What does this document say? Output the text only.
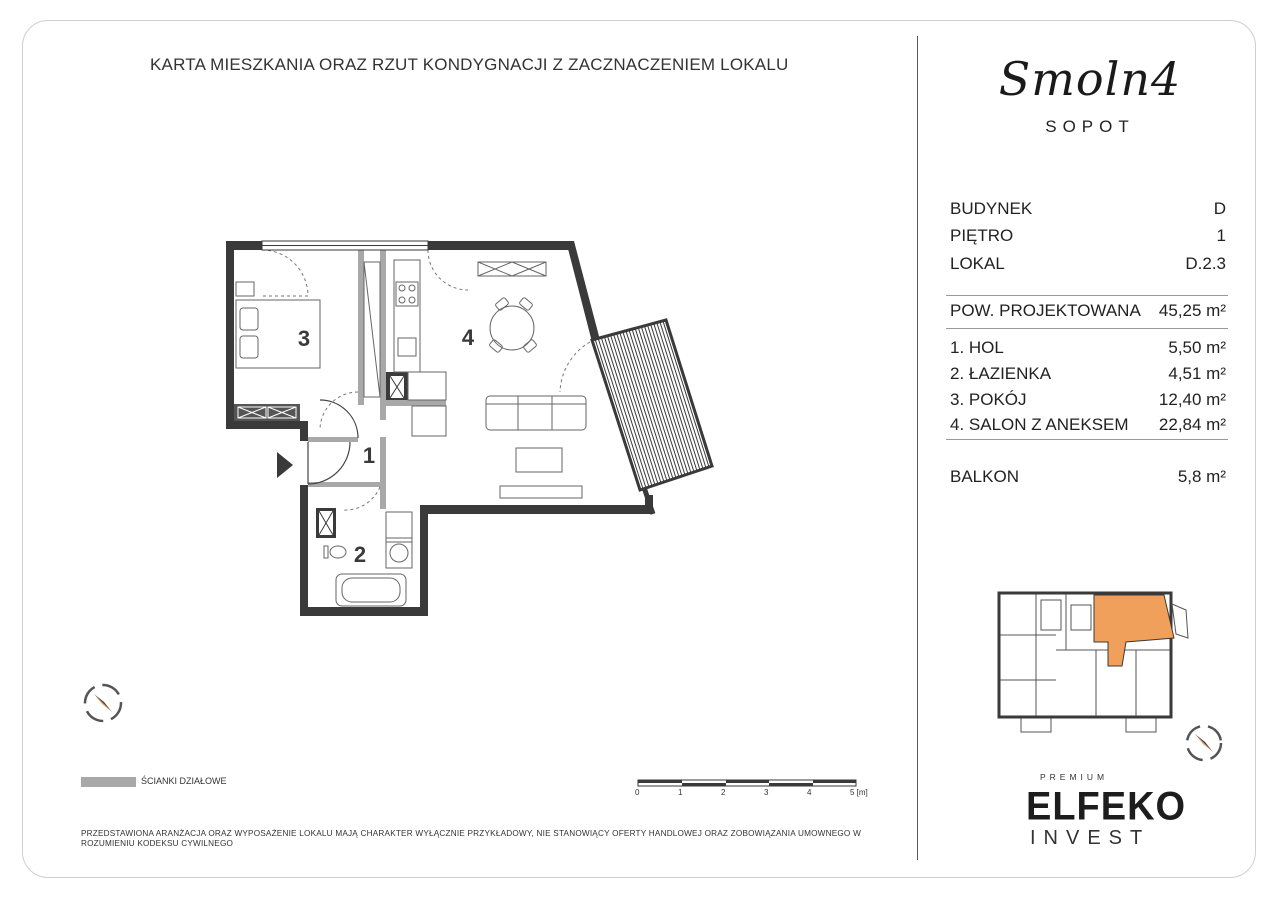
KARTA MIESZKANIA ORAZ RZUT KONDYGNACJI Z ZACZNACZENIEM LOKALU
3	4
1
2
Smoln4
SOPOT
BUDYNEK	D
PIĘTRO	1
LOKAL	D.2.3
POW. PROJEKTOWANA 45,25 m²
1. HOL	5,50 m²
2. ŁAZIENKA	4,51 m²
3. POKÓJ	12,40 m²
4. SALON Z ANEKSEM 22,84 m²
BALKON	5,8 m²
ŚCIANKI DZIAŁOWE
0	1	2	3	4	5 [m]
PRZEDSTAWIONA ARANŻACJA ORAZ WYPOSAŻENIE LOKALU MAJĄ CHARAKTER WYŁĄCZNIE PRZYKŁADOWY, NIE STANOWIĄCY OFERTY HANDLOWEJ ORAZ ZOBOWIĄZANIA UMOWNEGO W ROZUMIENIU KODEKSU CYWILNEGO
PREMIUM
ELFEKO
INVEST
